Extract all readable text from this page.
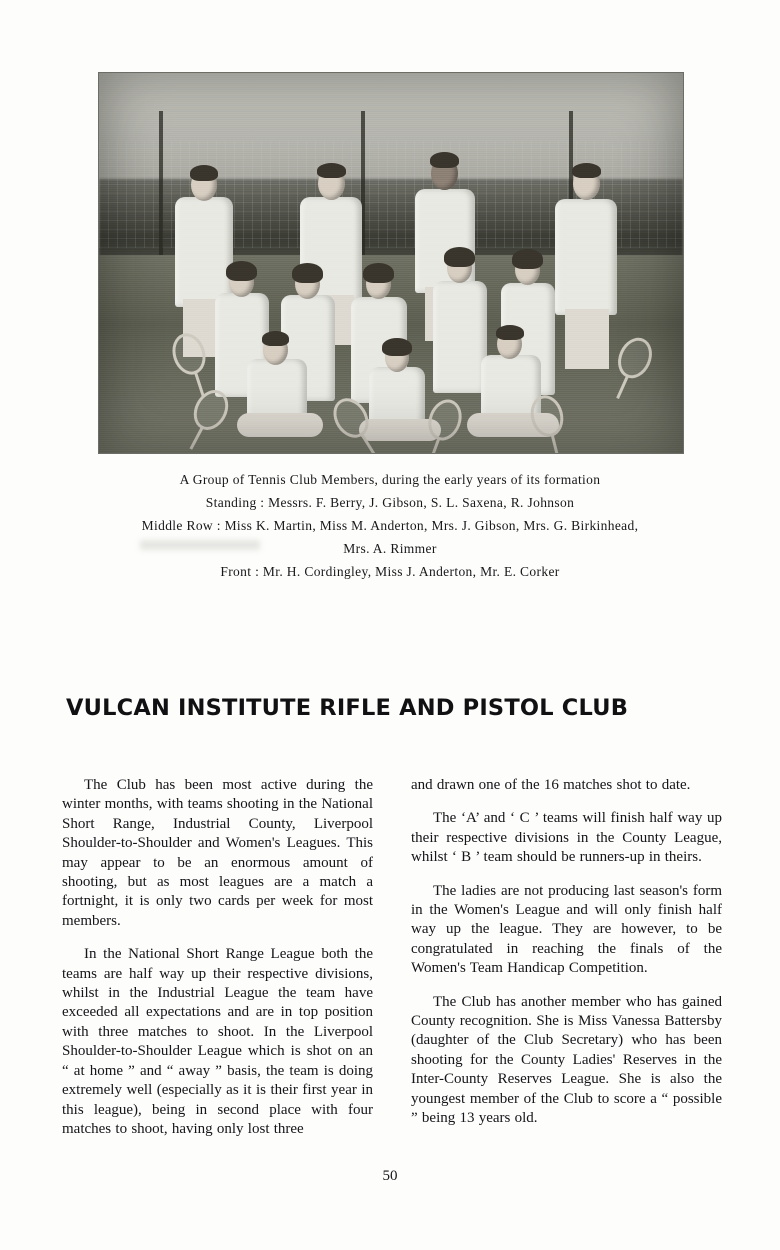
A Group of Tennis Club Members, during the early years of its formation
Standing : Messrs. F. Berry, J. Gibson, S. L. Saxena, R. Johnson
Middle Row : Miss K. Martin, Miss M. Anderton, Mrs. J. Gibson, Mrs. G. Birkinhead,
Mrs. A. Rimmer
Front : Mr. H. Cordingley, Miss J. Anderton, Mr. E. Corker
VULCAN INSTITUTE RIFLE AND PISTOL CLUB

The Club has been most active during the winter months, with teams shooting in the National Short Range, Industrial County, Liverpool Shoulder-to-Shoulder and Women's Leagues. This may appear to be an enormous amount of shooting, but as most leagues are a match a fortnight, it is only two cards per week for most members.

In the National Short Range League both the teams are half way up their respective divisions, whilst in the Industrial League the team have exceeded all expectations and are in top position with three matches to shoot. In the Liverpool Shoulder-to-Shoulder League which is shot on an “ at home ” and “ away ” basis, the team is doing extremely well (especially as it is their first year in this league), being in second place with four matches to shoot, having only lost three

and drawn one of the 16 matches shot to date.

The ‘A’ and ‘ C ’ teams will finish half way up their respective divisions in the County League, whilst ‘ B ’ team should be runners-up in theirs.

The ladies are not producing last season's form in the Women's League and will only finish half way up the league. They are however, to be congratulated in reaching the finals of the Women's Team Handicap Competition.

The Club has another member who has gained County recognition. She is Miss Vanessa Battersby (daughter of the Club Secretary) who has been shooting for the County Ladies' Reserves in the Inter-County Reserves League. She is also the youngest member of the Club to score a “ possible ” being 13 years old.

50
